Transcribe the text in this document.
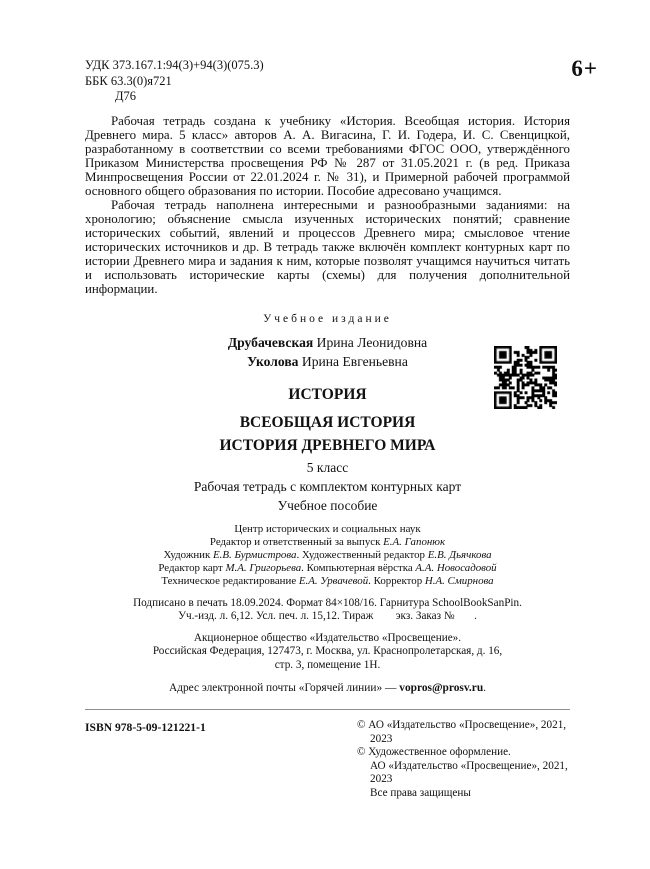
УДК 373.167.1:94(3)+94(3)(075.3)
ББК 63.3(0)я721
Д76
6+

Рабочая тетрадь создана к учебнику «История. Всеобщая история. История Древнего мира. 5 класс» авторов А. А. Вигасина, Г. И. Годера, И. С. Свенцицкой, разработанному в соответствии со всеми требованиями ФГОС ООО, утверждённого Приказом Министерства просвещения РФ № 287 от 31.05.2021 г. (в ред. Приказа Минпросвещения России от 22.01.2024 г. № 31), и Примерной рабочей программой основного общего образования по истории. Пособие адресовано учащимся.

Рабочая тетрадь наполнена интересными и разнообразными заданиями: на хронологию; объяснение смысла изученных исторических понятий; сравнение исторических событий, явлений и процессов Древнего мира; смысловое чтение исторических источников и др. В тетрадь также включён комплект контурных карт по истории Древнего мира и задания к ним, которые позволят учащимся научиться читать и использовать исторические карты (схемы) для получения дополнительной информации.

Учебное издание
Друбачевская Ирина Леонидовна
Уколова Ирина Евгеньевна
ИСТОРИЯ
ВСЕОБЩАЯ ИСТОРИЯ
ИСТОРИЯ ДРЕВНЕГО МИРА
5 класс
Рабочая тетрадь с комплектом контурных карт
Учебное пособие
Центр исторических и социальных наук
Редактор и ответственный за выпуск Е.А. Гапонюк
Художник Е.В. Бурмистрова. Художественный редактор Е.В. Дьячкова
Редактор карт М.А. Григорьева. Компьютерная вёрстка А.А. Новосадовой
Техническое редактирование Е.А. Урвачевой. Корректор Н.А. Смирнова
Подписано в печать 18.09.2024. Формат 84×108/16. Гарнитура SchoolBookSanPin.
Уч.-изд. л. 6,12. Усл. печ. л. 15,12. Тираж        экз. Заказ №       .
Акционерное общество «Издательство «Просвещение».
Российская Федерация, 127473, г. Москва, ул. Краснопролетарская, д. 16,
стр. 3, помещение 1Н.
Адрес электронной почты «Горячей линии» — vopros@prosv.ru.
ISBN 978-5-09-121221-1	© АО «Издательство «Просвещение», 2021, 2023

© Художественное оформление.

АО «Издательство «Просвещение», 2021, 2023

Все права защищены
